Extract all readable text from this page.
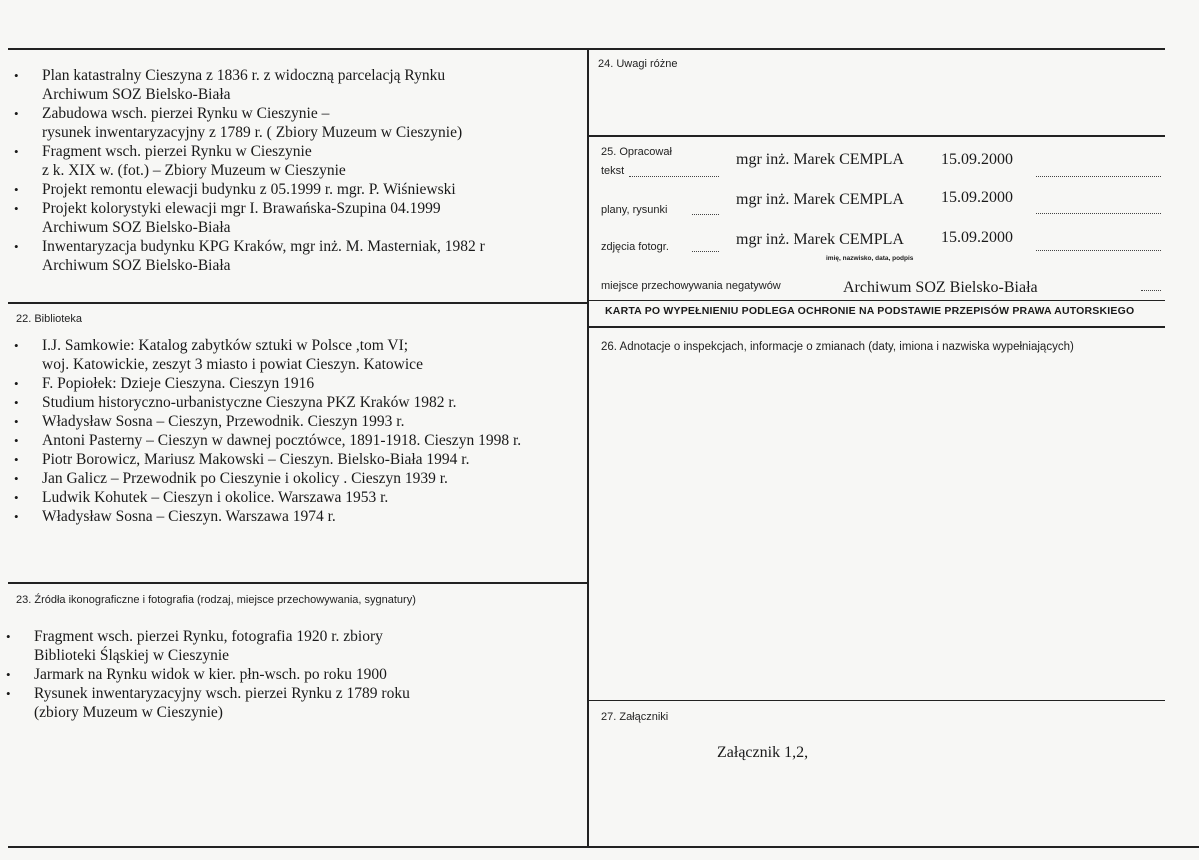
• Plan katastralny Cieszyna z 1836 r. z widoczną parcelacją Rynku
Archiwum SOZ Bielsko-Biała
• Zabudowa wsch. pierzei Rynku w Cieszynie –
rysunek inwentaryzacyjny z 1789 r. ( Zbiory Muzeum w Cieszynie)
• Fragment wsch. pierzei Rynku w Cieszynie
z k. XIX w. (fot.) – Zbiory Muzeum w Cieszynie
• Projekt remontu elewacji budynku z 05.1999 r. mgr. P. Wiśniewski
• Projekt kolorystyki elewacji mgr I. Brawańska-Szupina 04.1999
Archiwum SOZ Bielsko-Biała
• Inwentaryzacja budynku KPG Kraków, mgr inż. M. Masterniak, 1982 r
Archiwum SOZ Bielsko-Biała
22. Biblioteka
• I.J. Samkowie: Katalog zabytków sztuki w Polsce ,tom VI;
woj. Katowickie, zeszyt 3 miasto i powiat Cieszyn. Katowice
• F. Popiołek: Dzieje Cieszyna. Cieszyn 1916
• Studium historyczno-urbanistyczne Cieszyna PKZ Kraków 1982 r.
• Władysław Sosna – Cieszyn, Przewodnik. Cieszyn 1993 r.
• Antoni Pasterny – Cieszyn w dawnej pocztówce, 1891-1918. Cieszyn 1998 r.
• Piotr Borowicz, Mariusz Makowski – Cieszyn. Bielsko-Biała 1994 r.
• Jan Galicz – Przewodnik po Cieszynie i okolicy . Cieszyn 1939 r.
• Ludwik Kohutek – Cieszyn i okolice. Warszawa 1953 r.
• Władysław Sosna – Cieszyn. Warszawa 1974 r.
23. Źródła ikonograficzne i fotografia (rodzaj, miejsce przechowywania, sygnatury)
• Fragment wsch. pierzei Rynku, fotografia 1920 r. zbiory
Biblioteki Śląskiej w Cieszynie
• Jarmark na Rynku widok w kier. płn-wsch. po roku 1900
• Rysunek inwentaryzacyjny wsch. pierzei Rynku z 1789 roku
(zbiory Muzeum w Cieszynie)
24. Uwagi różne
25. Opracował
tekst
mgr inż. Marek CEMPLA 15.09.2000
plany, rysunki
mgr inż. Marek CEMPLA 15.09.2000
zdjęcia fotogr.	mgr inż. Marek CEMPLA 15.09.2000
imię, nazwisko, data, podpis
miejsce przechowywania negatywów	Archiwum SOZ Bielsko-Biała
KARTA PO WYPEŁNIENIU PODLEGA OCHRONIE NA PODSTAWIE PRZEPISÓW PRAWA AUTORSKIEGO
26. Adnotacje o inspekcjach, informacje o zmianach (daty, imiona i nazwiska wypełniających)
27. Załączniki
Załącznik 1,2,
